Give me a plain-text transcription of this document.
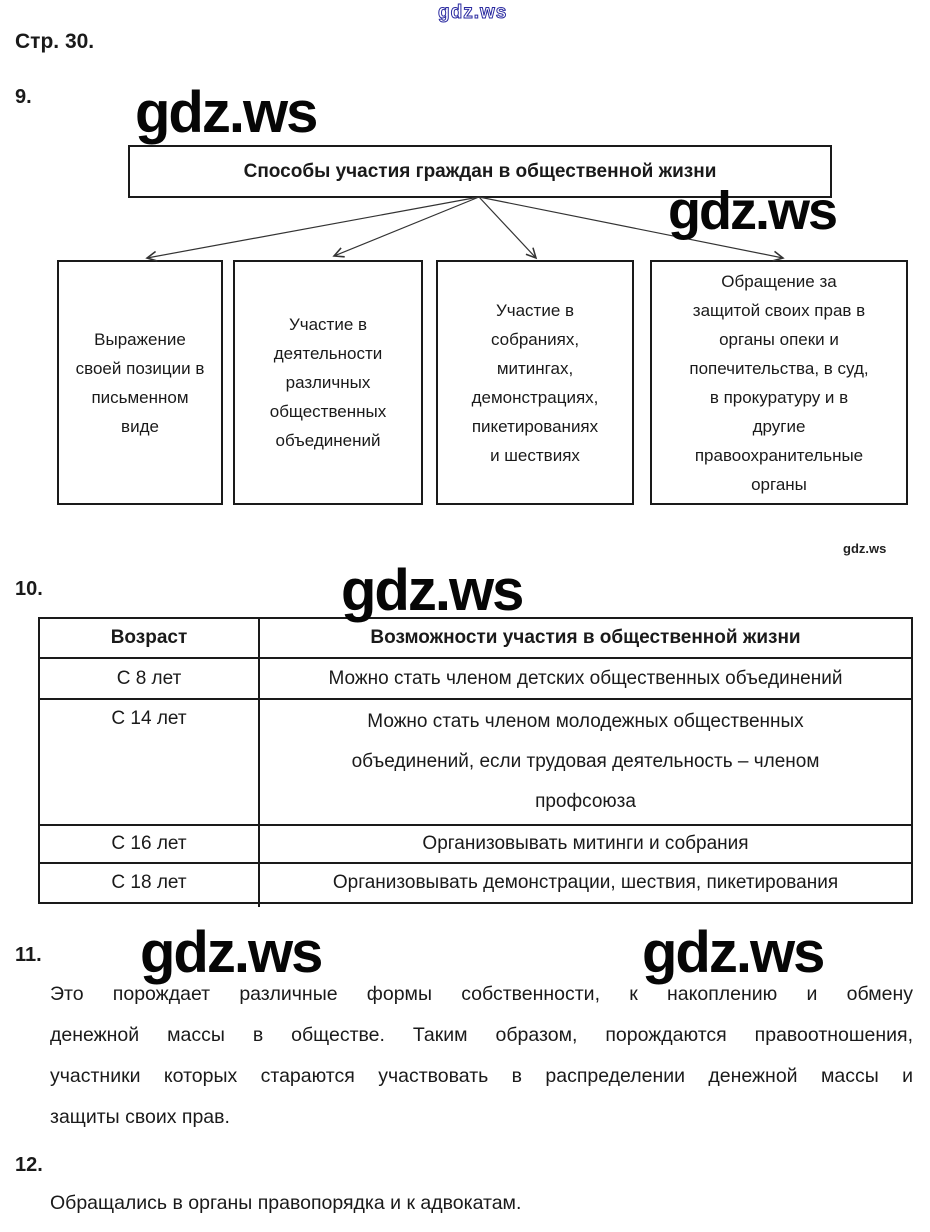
gdz.ws
gdz.ws
gdz.ws
gdz.ws
gdz.ws	gdz.ws
gdz.ws
Стр. 30.
9.
Способы участия граждан в общественной жизни
Выражение своей позиции в письменном виде
Участие в деятельности различных общественных объединений
Участие в собраниях, митингах, демонстрациях, пикетированиях и шествиях
Обращение за защитой своих прав в органы опеки и попечительства, в суд, в прокуратуру и в другие правоохранительные органы
10.
Возраст	Возможности участия в общественной жизни
С 8 лет	Можно стать членом детских общественных объединений
С 14 лет	Можно стать членом молодежных общественных объединений, если трудовая деятельность – членом профсоюза

С 16 лет	Организовывать митинги и собрания
С 18 лет	Организовывать демонстрации, шествия, пикетирования
11.
Это порождает различные формы собственности, к накоплению и обмену
денежной массы в обществе. Таким образом, порождаются правоотношения,
участники которых стараются участвовать в распределении денежной массы и
защиты своих прав.
12.
Обращались в органы правопорядка и к адвокатам.
